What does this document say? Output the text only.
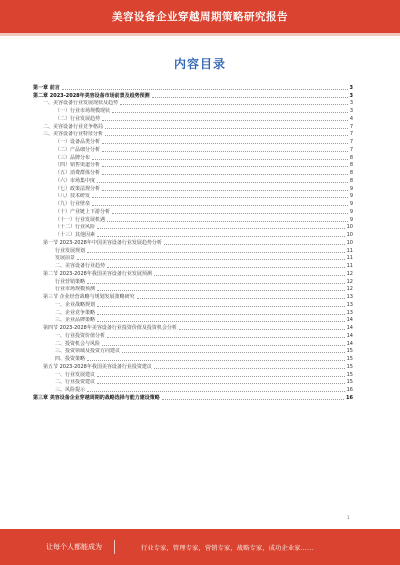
美容设备企业穿越周期策略研究报告
内容目录
第一章 前言	3
第二章 2023-2028年美容设备市场前景及趋势预测	3
一、美容设备行业发展现状及趋势	3
（一）行业市场规模现状	3
（二）行业发展趋势	4
二、美容设备行业竞争格局	7
三、美容设备行业特征分析	7
（一）设备品类分析	7
（二）产品细分分析	7
（三）品牌分布	8
（四）销售渠道分析	8
（五）消费群体分析	8
（六）市场集中度	8
（七）政策法规分析	9
（八）技术研发	9
（九）行业壁垒	9
（十）产业链上下游分析	9
（十一）行业发展机遇	9
（十二）行业风险	10
（十三）其他因素	10
第一节 2023-2028年中国美容设备行业发展趋势分析	10
行业发展规划	11
发展前景	11
二、美容设备行业趋势	11
第二节 2023-2028年我国美容设备行业发展预测	12
行业营销策略	12
行业市场规模预测	12
第三节 企业经营战略与规划发展策略研究	13
一、企业战略规划	13
二、企业竞争策略	13
三、企业品牌策略	14
第四节 2023-2028年美容设备行业投资价值及投资机会分析	14
一、行业投资价值分析	14
二、投资机会与风险	14
三、投资领域及投资方向建议	15
四、投资策略	15
第五节 2023-2028年我国美容设备行业投资建议	15
一、行业发展建议	15
二、行业投资建议	15
三、风险提示	16
第三章 美容设备企业穿越周期的战略选择与能力建设策略	16
1
让每个人都能成为	行业专家，管理专家，营销专家，战略专家，成功企业家……
